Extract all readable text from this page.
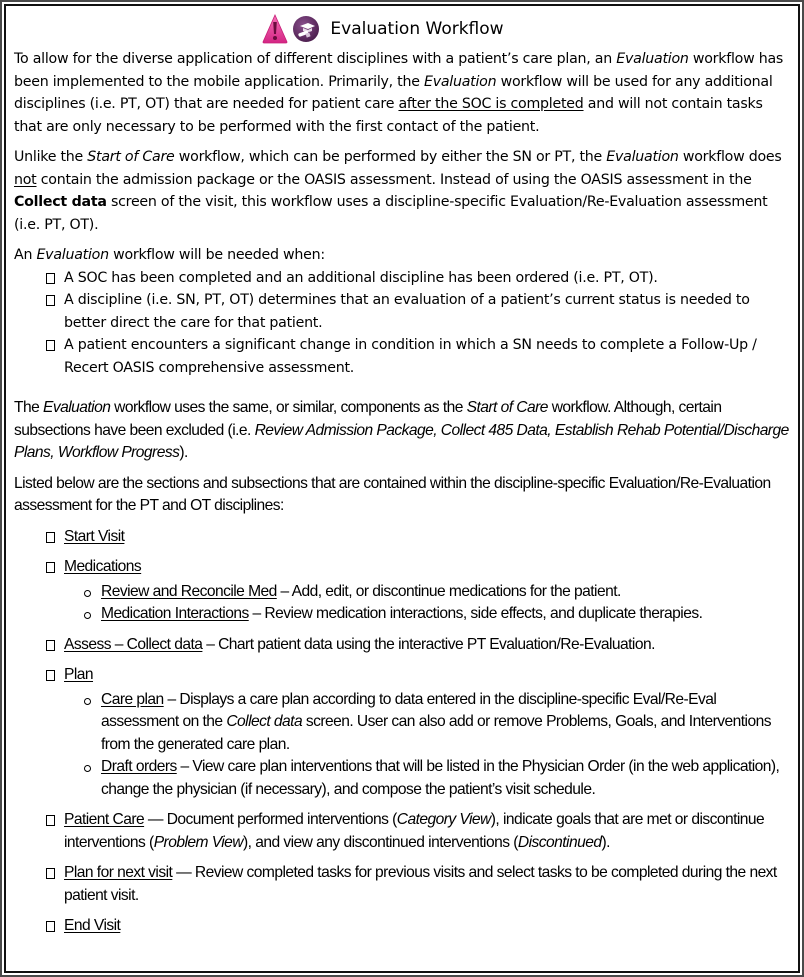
Evaluation Workflow

To allow for the diverse application of different disciplines with a patient’s care plan, an Evaluation workflow has been implemented to the mobile application. Primarily, the Evaluation workflow will be used for any additional disciplines (i.e. PT, OT) that are needed for patient care after the SOC is completed and will not contain tasks that are only necessary to be performed with the first contact of the patient.

Unlike the Start of Care workflow, which can be performed by either the SN or PT, the Evaluation workflow does not contain the admission package or the OASIS assessment. Instead of using the OASIS assessment in the Collect data screen of the visit, this workflow uses a discipline-specific Evaluation/Re-Evaluation assessment (i.e. PT, OT).

An Evaluation workflow will be needed when:

A SOC has been completed and an additional discipline has been ordered (i.e. PT, OT).
A discipline (i.e. SN, PT, OT) determines that an evaluation of a patient’s current status is needed to better direct the care for that patient.
A patient encounters a significant change in condition in which a SN needs to complete a Follow-Up / Recert OASIS comprehensive assessment.

The Evaluation workflow uses the same, or similar, components as the Start of Care workflow. Although, certain subsections have been excluded (i.e. Review Admission Package, Collect 485 Data, Establish Rehab Potential/Discharge Plans, Workflow Progress).

Listed below are the sections and subsections that are contained within the discipline-specific Evaluation/Re-Evaluation assessment for the PT and OT disciplines:

Start Visit
Medications
Review and Reconcile Med – Add, edit, or discontinue medications for the patient.
Medication Interactions – Review medication interactions, side effects, and duplicate therapies.
Assess – Collect data – Chart patient data using the interactive PT Evaluation/Re-Evaluation.
Plan
Care plan – Displays a care plan according to data entered in the discipline-specific Eval/Re-Eval assessment on the Collect data screen. User can also add or remove Problems, Goals, and Interventions from the generated care plan.
Draft orders – View care plan interventions that will be listed in the Physician Order (in the web application), change the physician (if necessary), and compose the patient’s visit schedule.
Patient Care — Document performed interventions (Category View), indicate goals that are met or discontinue interventions (Problem View), and view any discontinued interventions (Discontinued).
Plan for next visit — Review completed tasks for previous visits and select tasks to be completed during the next patient visit.
End Visit
